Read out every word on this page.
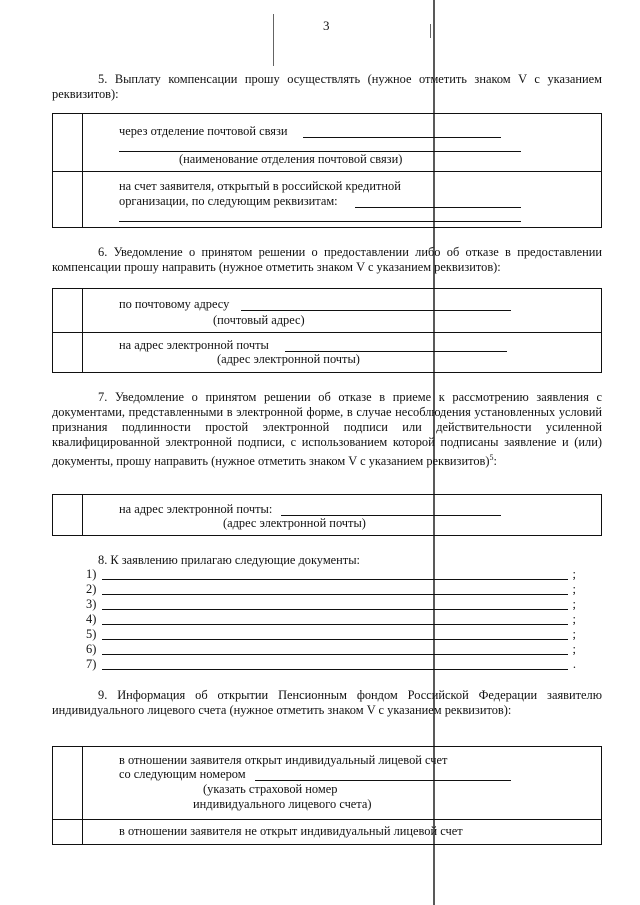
3
5. Выплату компенсации прошу осуществлять (нужное отметить знаком V с указанием реквизитов):
через отделение почтовой связи
(наименование отделения почтовой связи)
на счет заявителя, открытый в российской кредитной
организации, по следующим реквизитам:
6. Уведомление о принятом решении о предоставлении либо об отказе в предоставлении компенсации прошу направить (нужное отметить знаком V с указанием реквизитов):
по почтовому адресу
(почтовый адрес)
на адрес электронной почты
(адрес электронной почты)
7. Уведомление о принятом решении об отказе в приеме к рассмотрению заявления с документами, представленными в электронной форме, в случае несоблюдения установленных условий признания подлинности простой электронной подписи или действительности усиленной квалифицированной электронной подписи, с использованием которой подписаны заявление и (или) документы, прошу направить (нужное отметить знаком V с указанием реквизитов)$^5$:
на адрес электронной почты:
(адрес электронной почты)
8. К заявлению прилагаю следующие документы:
1)	;
2)	;
3)	;
4)	;
5)	;
6)	;
7)	.
9. Информация об открытии Пенсионным фондом Российской Федерации заявителю индивидуального лицевого счета (нужное отметить знаком V с указанием реквизитов):
в отношении заявителя открыт индивидуальный лицевой счет
со следующим номером
(указать страховой номер
индивидуального лицевого счета)
в отношении заявителя не открыт индивидуальный лицевой счет
